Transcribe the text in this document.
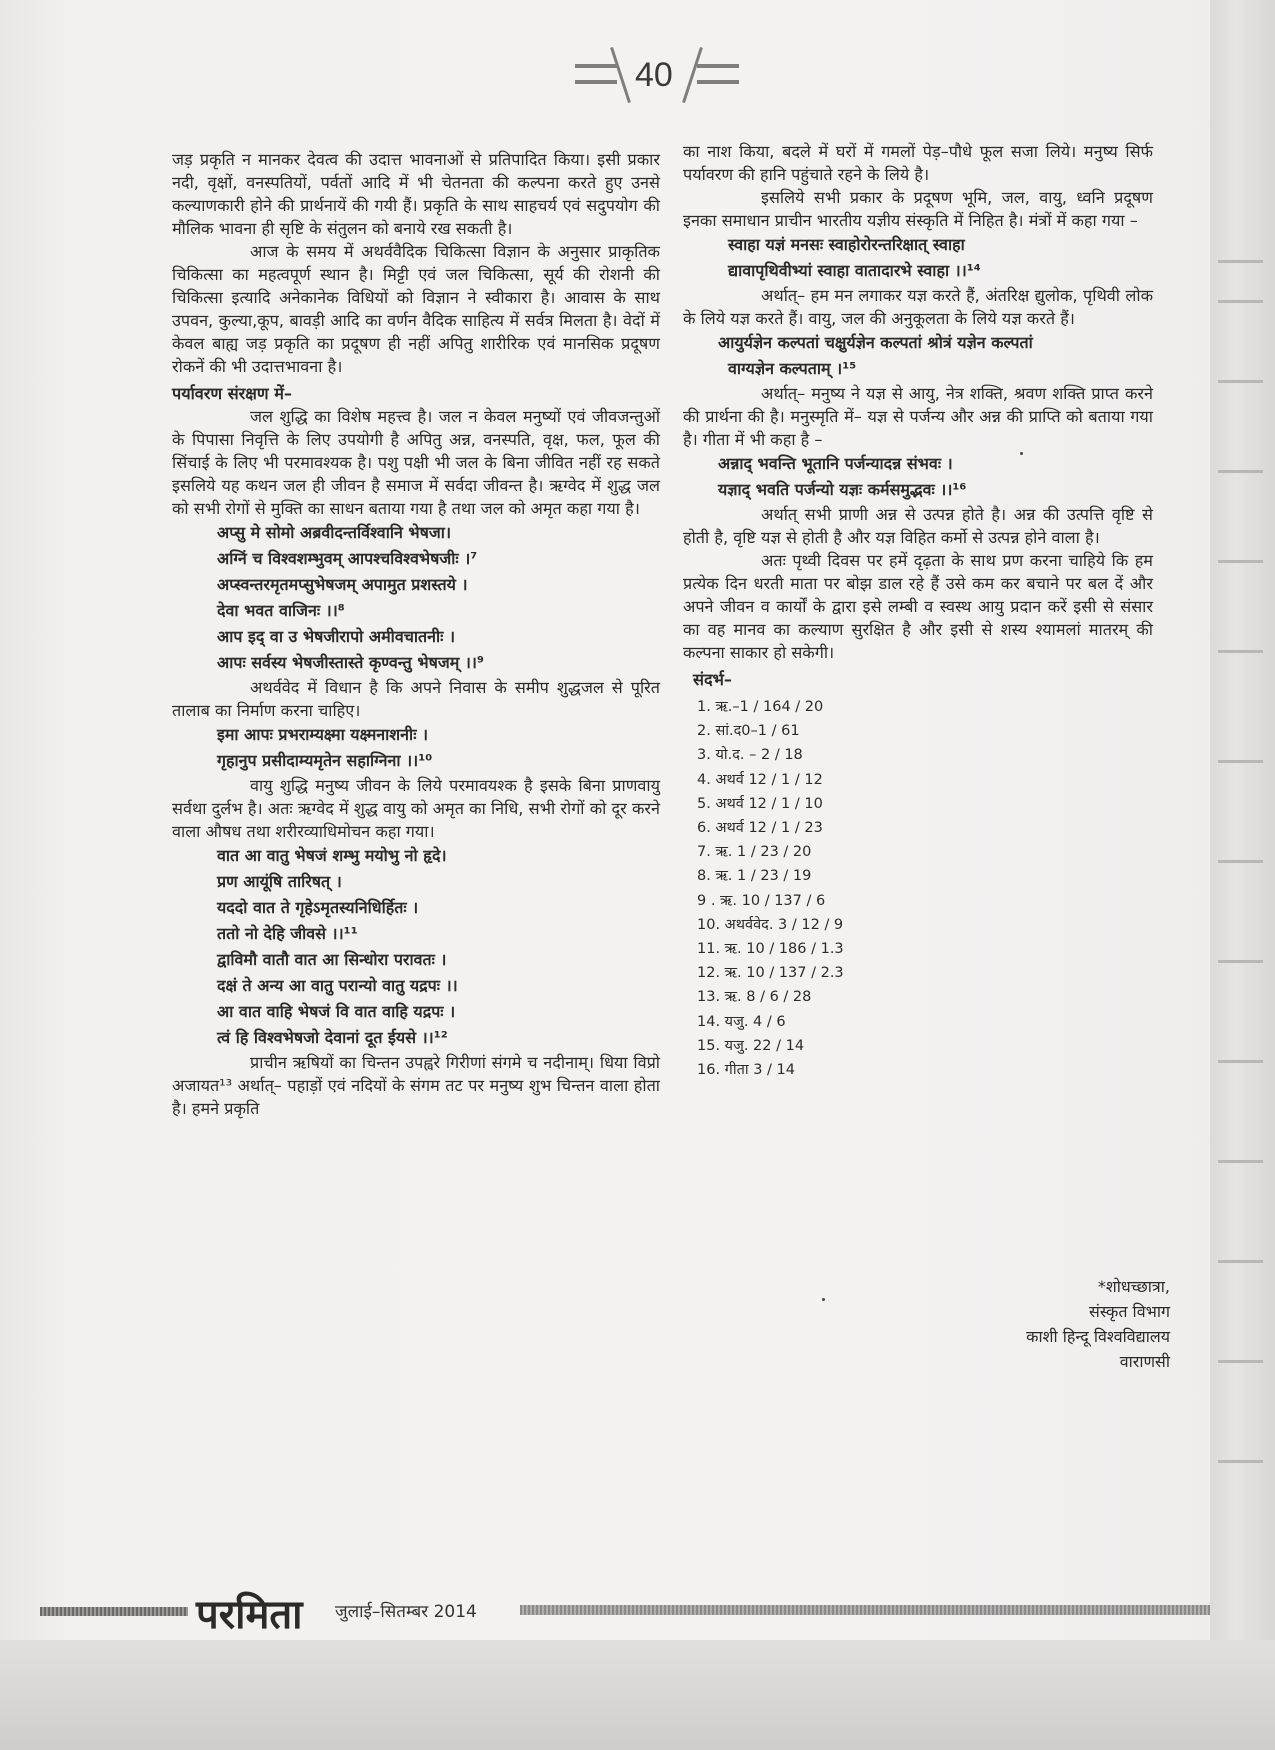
40

जड़ प्रकृति न मानकर देवत्व की उदात्त भावनाओं से प्रतिपादित किया। इसी प्रकार नदी, वृक्षों, वनस्पतियों, पर्वतों आदि में भी चेतनता की कल्पना करते हुए उनसे कल्याणकारी होने की प्रार्थनायें की गयी हैं। प्रकृति के साथ साहचर्य एवं सदुपयोग की मौलिक भावना ही सृष्टि के संतुलन को बनाये रख सकती है।

आज के समय में अथर्ववैदिक चिकित्सा विज्ञान के अनुसार प्राकृतिक चिकित्सा का महत्वपूर्ण स्थान है। मिट्टी एवं जल चिकित्सा, सूर्य की रोशनी की चिकित्सा इत्यादि अनेकानेक विधियों को विज्ञान ने स्वीकारा है। आवास के साथ उपवन, कुल्या,कूप, बावड़ी आदि का वर्णन वैदिक साहित्य में सर्वत्र मिलता है। वेदों में केवल बाह्य जड़ प्रकृति का प्रदूषण ही नहीं अपितु शारीरिक एवं मानसिक प्रदूषण रोकनें की भी उदात्तभावना है।

पर्यावरण संरक्षण में–

जल शुद्धि का विशेष महत्त्व है। जल न केवल मनुष्यों एवं जीवजन्तुओं के पिपासा निवृत्ति के लिए उपयोगी है अपितु अन्न, वनस्पति, वृक्ष, फल, फूल की सिंचाई के लिए भी परमावश्यक है। पशु पक्षी भी जल के बिना जीवित नहीं रह सकते इसलिये यह कथन जल ही जीवन है समाज में सर्वदा जीवन्त है। ऋग्वेद में शुद्ध जल को सभी रोगों से मुक्ति का साधन बताया गया है तथा जल को अमृत कहा गया है।

अप्सु मे सोमो अब्रवीदन्तर्विश्वानि भेषजा।

अग्निं च विश्वशम्भुवम् आपश्चविश्वभेषजीः ।⁷

अप्स्वन्तरमृतमप्सुभेषजम् अपामुत प्रशस्तये ।

देवा भवत वाजिनः ।।⁸

आप इद् वा उ भेषजीरापो अमीवचातनीः ।

आपः सर्वस्य भेषजीस्तास्ते कृण्वन्तु भेषजम् ।।⁹

अथर्ववेद में विधान है कि अपने निवास के समीप शुद्धजल से पूरित तालाब का निर्माण करना चाहिए।

इमा आपः प्रभराम्यक्ष्मा यक्ष्मनाशनीः ।

गृहानुप प्रसीदाम्यमृतेन सहाग्निना ।।¹⁰

वायु शुद्धि मनुष्य जीवन के लिये परमावयश्क है इसके बिना प्राणवायु सर्वथा दुर्लभ है। अतः ऋग्वेद में शुद्ध वायु को अमृत का निधि, सभी रोगों को दूर करने वाला औषध तथा शरीरव्याधिमोचन कहा गया।

वात आ वातु भेषजं शम्भु मयोभु नो हृदे।

प्रण आयूंषि तारिषत् ।

यददो वात ते गृहेऽमृतस्यनिधिर्हितः ।

ततो नो देहि जीवसे ।।¹¹

द्वाविमौ वातौ वात आ सिन्धोरा परावतः ।

दक्षं ते अन्य आ वातु परान्यो वातु यद्रपः ।।

आ वात वाहि भेषजं वि वात वाहि यद्रपः ।

त्वं हि विश्वभेषजो देवानां दूत ईयसे ।।¹²

प्राचीन ऋषियों का चिन्तन उपह्वरे गिरीणां संगमे च नदीनाम्। धिया विप्रो अजायत¹³ अर्थात्– पहाड़ों एवं नदियों के संगम तट पर मनुष्य शुभ चिन्तन वाला होता है। हमने प्रकृति

का नाश किया, बदले में घरों में गमलों पेड़–पौधे फूल सजा लिये। मनुष्य सिर्फ पर्यावरण की हानि पहुंचाते रहने के लिये है।

इसलिये सभी प्रकार के प्रदूषण भूमि, जल, वायु, ध्वनि प्रदूषण इनका समाधान प्राचीन भारतीय यज्ञीय संस्कृति में निहित है। मंत्रों में कहा गया –

स्वाहा यज्ञं मनसः स्वाहोरोरन्तरिक्षात् स्वाहा

द्यावापृथिवीभ्यां स्वाहा वातादारभे स्वाहा ।।¹⁴

अर्थात्– हम मन लगाकर यज्ञ करते हैं, अंतरिक्ष द्युलोक, पृथिवी लोक के लिये यज्ञ करते हैं। वायु, जल की अनुकूलता के लिये यज्ञ करते हैं।

आयुर्यज्ञेन कल्पतां चक्षुर्यज्ञेन कल्पतां श्रोत्रं यज्ञेन कल्पतां

वाग्यज्ञेन कल्पताम् ।¹⁵

अर्थात्– मनुष्य ने यज्ञ से आयु, नेत्र शक्ति, श्रवण शक्ति प्राप्त करने की प्रार्थना की है। मनुस्मृति में– यज्ञ से पर्जन्य और अन्न की प्राप्ति को बताया गया है। गीता में भी कहा है –

अन्नाद् भवन्ति भूतानि पर्जन्यादन्न संभवः ।

यज्ञाद् भवति पर्जन्यो यज्ञः कर्मसमुद्भवः ।।¹⁶

अर्थात् सभी प्राणी अन्न से उत्पन्न होते है। अन्न की उत्पत्ति वृष्टि से होती है, वृष्टि यज्ञ से होती है और यज्ञ विहित कर्मो से उत्पन्न होने वाला है।

अतः पृथ्वी दिवस पर हमें दृढ़ता के साथ प्रण करना चाहिये कि हम प्रत्येक दिन धरती माता पर बोझ डाल रहे हैं उसे कम कर बचाने पर बल दें और अपने जीवन व कार्यों के द्वारा इसे लम्बी व स्वस्थ आयु प्रदान करें इसी से संसार का वह मानव का कल्याण सुरक्षित है और इसी से शस्य श्यामलां मातरम् की कल्पना साकार हो सकेगी।

संदर्भ–

1. ऋ.–1 / 164 / 20
2. सां.द0–1 / 61
3. यो.द. – 2 / 18
4. अथर्व 12 / 1 / 12
5. अथर्व 12 / 1 / 10
6. अथर्व 12 / 1 / 23
7. ऋ. 1 / 23 / 20
8. ऋ. 1 / 23 / 19
9 . ऋ. 10 / 137 / 6
10. अथर्ववेद. 3 / 12 / 9
11. ऋ. 10 / 186 / 1.3
12. ऋ. 10 / 137 / 2.3
13. ऋ. 8 / 6 / 28
14. यजु. 4 / 6
15. यजु. 22 / 14
16. गीता 3 / 14
*शोधच्छात्रा,
संस्कृत विभाग
काशी हिन्दू विश्वविद्यालय
वाराणसी
परमिता जुलाई–सितम्बर 2014
